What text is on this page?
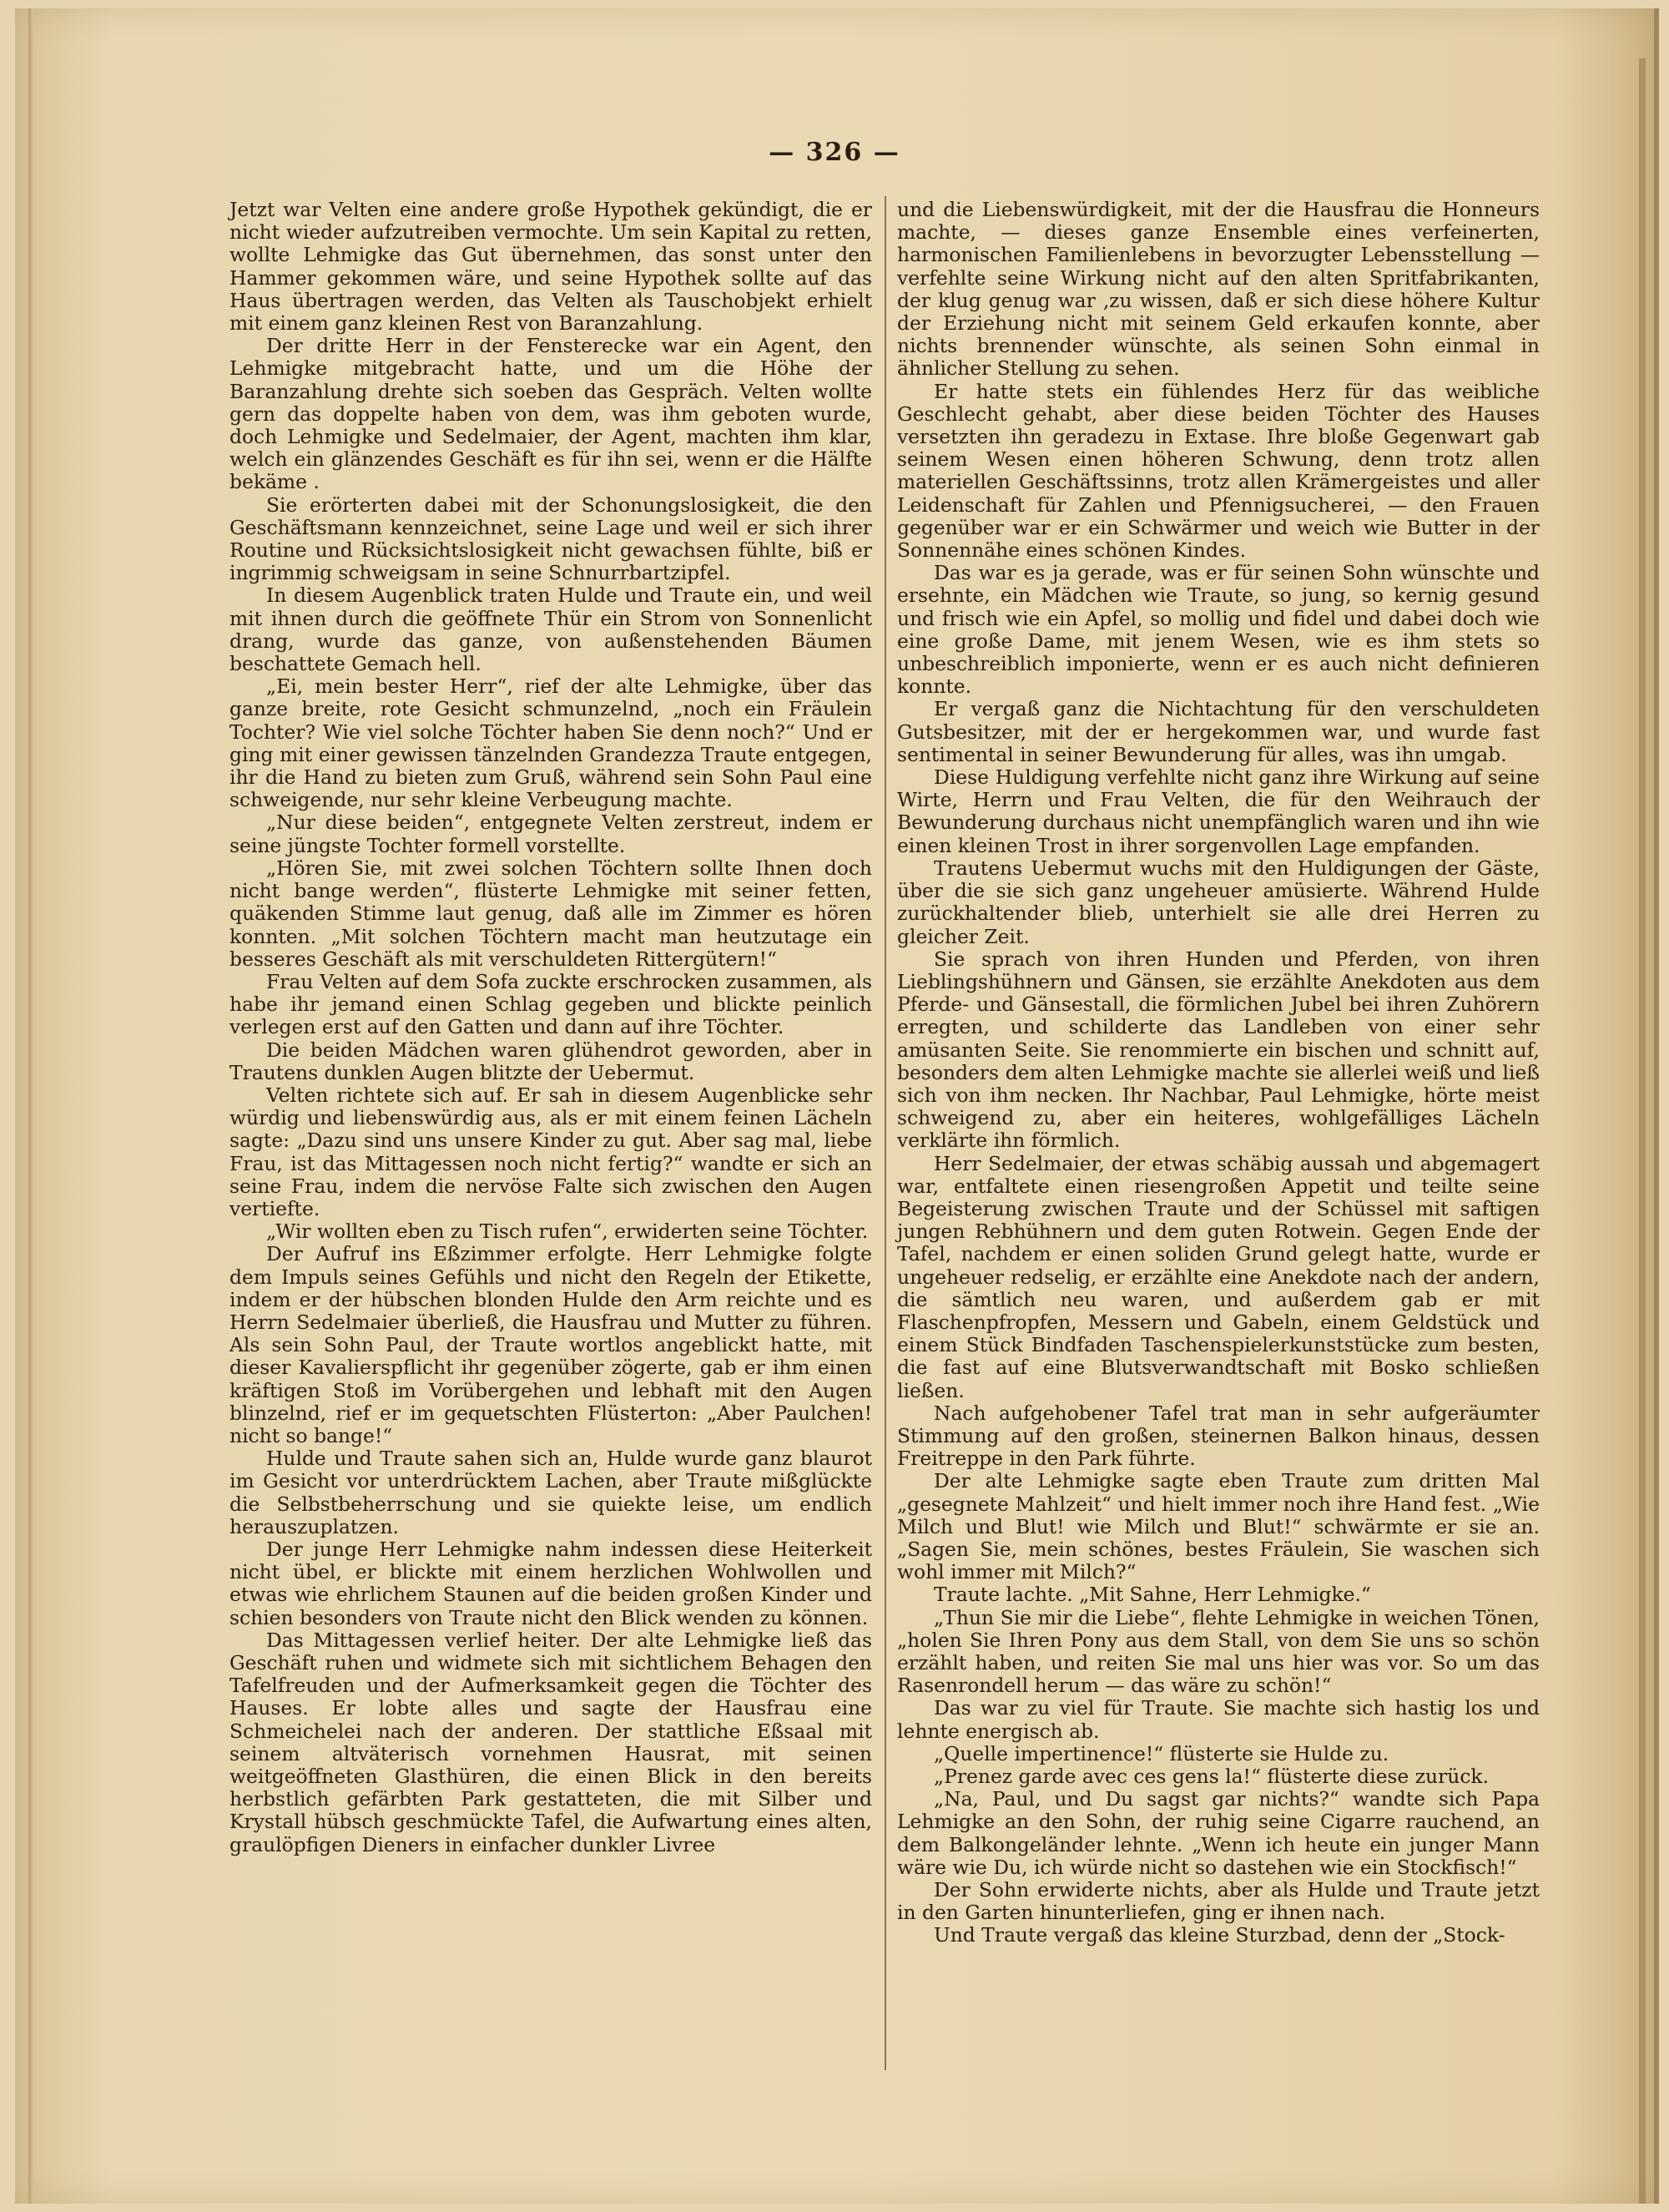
— 326 —

Jetzt war Velten eine andere große Hypothek gekündigt, die er nicht wieder aufzutreiben vermochte. Um sein Kapital zu retten, wollte Lehmigke das Gut übernehmen, das sonst unter den Hammer gekommen wäre, und seine Hypothek sollte auf das Haus übertragen werden, das Velten als Tauschobjekt erhielt mit einem ganz kleinen Rest von Baranzahlung.

Der dritte Herr in der Fensterecke war ein Agent, den Lehmigke mitgebracht hatte, und um die Höhe der Baranzahlung drehte sich soeben das Gespräch. Velten wollte gern das doppelte haben von dem, was ihm geboten wurde, doch Lehmigke und Sedelmaier, der Agent, machten ihm klar, welch ein glänzendes Geschäft es für ihn sei, wenn er die Hälfte bekäme .

Sie erörterten dabei mit der Schonungslosigkeit, die den Geschäftsmann kennzeichnet, seine Lage und weil er sich ihrer Routine und Rücksichtslosigkeit nicht gewachsen fühlte, biß er ingrimmig schweigsam in seine Schnurrbartzipfel.

In diesem Augenblick traten Hulde und Traute ein, und weil mit ihnen durch die geöffnete Thür ein Strom von Sonnenlicht drang, wurde das ganze, von außenstehenden Bäumen beschattete Gemach hell.

„Ei, mein bester Herr“, rief der alte Lehmigke, über das ganze breite, rote Gesicht schmunzelnd, „noch ein Fräulein Tochter? Wie viel solche Töchter haben Sie denn noch?“ Und er ging mit einer gewissen tänzelnden Grandezza Traute entgegen, ihr die Hand zu bieten zum Gruß, während sein Sohn Paul eine schweigende, nur sehr kleine Verbeugung machte.

„Nur diese beiden“, entgegnete Velten zerstreut, indem er seine jüngste Tochter formell vorstellte.

„Hören Sie, mit zwei solchen Töchtern sollte Ihnen doch nicht bange werden“, flüsterte Lehmigke mit seiner fetten, quäkenden Stimme laut genug, daß alle im Zimmer es hören konnten. „Mit solchen Töchtern macht man heutzutage ein besseres Geschäft als mit verschuldeten Rittergütern!“

Frau Velten auf dem Sofa zuckte erschrocken zusammen, als habe ihr jemand einen Schlag gegeben und blickte peinlich verlegen erst auf den Gatten und dann auf ihre Töchter.

Die beiden Mädchen waren glühendrot geworden, aber in Trautens dunklen Augen blitzte der Uebermut.

Velten richtete sich auf. Er sah in diesem Augenblicke sehr würdig und liebenswürdig aus, als er mit einem feinen Lächeln sagte: „Dazu sind uns unsere Kinder zu gut. Aber sag mal, liebe Frau, ist das Mittagessen noch nicht fertig?“ wandte er sich an seine Frau, indem die nervöse Falte sich zwischen den Augen vertiefte.

„Wir wollten eben zu Tisch rufen“, erwiderten seine Töchter.

Der Aufruf ins Eßzimmer erfolgte. Herr Lehmigke folgte dem Impuls seines Gefühls und nicht den Regeln der Etikette, indem er der hübschen blonden Hulde den Arm reichte und es Herrn Sedelmaier überließ, die Hausfrau und Mutter zu führen. Als sein Sohn Paul, der Traute wortlos angeblickt hatte, mit dieser Kavalierspflicht ihr gegenüber zögerte, gab er ihm einen kräftigen Stoß im Vorübergehen und lebhaft mit den Augen blinzelnd, rief er im gequetschten Flüsterton: „Aber Paulchen! nicht so bange!“

Hulde und Traute sahen sich an, Hulde wurde ganz blaurot im Gesicht vor unterdrücktem Lachen, aber Traute mißglückte die Selbstbeherrschung und sie quiekte leise, um endlich herauszuplatzen.

Der junge Herr Lehmigke nahm indessen diese Heiterkeit nicht übel, er blickte mit einem herzlichen Wohlwollen und etwas wie ehrlichem Staunen auf die beiden großen Kinder und schien besonders von Traute nicht den Blick wenden zu können.

Das Mittagessen verlief heiter. Der alte Lehmigke ließ das Geschäft ruhen und widmete sich mit sichtlichem Behagen den Tafelfreuden und der Aufmerksamkeit gegen die Töchter des Hauses. Er lobte alles und sagte der Hausfrau eine Schmeichelei nach der anderen. Der stattliche Eßsaal mit seinem altväterisch vornehmen Hausrat, mit seinen weitgeöffneten Glasthüren, die einen Blick in den bereits herbstlich gefärbten Park gestatteten, die mit Silber und Krystall hübsch geschmückte Tafel, die Aufwartung eines alten, graulöpfigen Dieners in einfacher dunkler Livree

und die Liebenswürdigkeit, mit der die Hausfrau die Honneurs machte, — dieses ganze Ensemble eines verfeinerten, harmonischen Familienlebens in bevorzugter Lebensstellung — verfehlte seine Wirkung nicht auf den alten Spritfabrikanten, der klug genug war ‚zu wissen, daß er sich diese höhere Kultur der Erziehung nicht mit seinem Geld erkaufen konnte, aber nichts brennender wünschte, als seinen Sohn einmal in ähnlicher Stellung zu sehen.

Er hatte stets ein fühlendes Herz für das weibliche Geschlecht gehabt, aber diese beiden Töchter des Hauses versetzten ihn geradezu in Extase. Ihre bloße Gegenwart gab seinem Wesen einen höheren Schwung, denn trotz allen materiellen Geschäftssinns, trotz allen Krämergeistes und aller Leidenschaft für Zahlen und Pfennigsucherei, — den Frauen gegenüber war er ein Schwärmer und weich wie Butter in der Sonnennähe eines schönen Kindes.

Das war es ja gerade, was er für seinen Sohn wünschte und ersehnte, ein Mädchen wie Traute, so jung, so kernig gesund und frisch wie ein Apfel, so mollig und fidel und dabei doch wie eine große Dame, mit jenem Wesen, wie es ihm stets so unbeschreiblich imponierte, wenn er es auch nicht definieren konnte.

Er vergaß ganz die Nichtachtung für den verschuldeten Gutsbesitzer, mit der er hergekommen war, und wurde fast sentimental in seiner Bewunderung für alles, was ihn umgab.

Diese Huldigung verfehlte nicht ganz ihre Wirkung auf seine Wirte, Herrn und Frau Velten, die für den Weihrauch der Bewunderung durchaus nicht unempfänglich waren und ihn wie einen kleinen Trost in ihrer sorgenvollen Lage empfanden.

Trautens Uebermut wuchs mit den Huldigungen der Gäste, über die sie sich ganz ungeheuer amüsierte. Während Hulde zurückhaltender blieb, unterhielt sie alle drei Herren zu gleicher Zeit.

Sie sprach von ihren Hunden und Pferden, von ihren Lieblingshühnern und Gänsen, sie erzählte Anekdoten aus dem Pferde- und Gänsestall, die förmlichen Jubel bei ihren Zuhörern erregten, und schilderte das Landleben von einer sehr amüsanten Seite. Sie renommierte ein bischen und schnitt auf, besonders dem alten Lehmigke machte sie allerlei weiß und ließ sich von ihm necken. Ihr Nachbar, Paul Lehmigke, hörte meist schweigend zu, aber ein heiteres, wohlgefälliges Lächeln verklärte ihn förmlich.

Herr Sedelmaier, der etwas schäbig aussah und abgemagert war, entfaltete einen riesengroßen Appetit und teilte seine Begeisterung zwischen Traute und der Schüssel mit saftigen jungen Rebhühnern und dem guten Rotwein. Gegen Ende der Tafel, nachdem er einen soliden Grund gelegt hatte, wurde er ungeheuer redselig, er erzählte eine Anekdote nach der andern, die sämtlich neu waren, und außerdem gab er mit Flaschenpfropfen, Messern und Gabeln, einem Geldstück und einem Stück Bindfaden Taschenspielerkunststücke zum besten, die fast auf eine Blutsverwandtschaft mit Bosko schließen ließen.

Nach aufgehobener Tafel trat man in sehr aufgeräumter Stimmung auf den großen, steinernen Balkon hinaus, dessen Freitreppe in den Park führte.

Der alte Lehmigke sagte eben Traute zum dritten Mal „gesegnete Mahlzeit“ und hielt immer noch ihre Hand fest. „Wie Milch und Blut! wie Milch und Blut!“ schwärmte er sie an. „Sagen Sie, mein schönes, bestes Fräulein, Sie waschen sich wohl immer mit Milch?“

Traute lachte. „Mit Sahne, Herr Lehmigke.“

„Thun Sie mir die Liebe“, flehte Lehmigke in weichen Tönen, „holen Sie Ihren Pony aus dem Stall, von dem Sie uns so schön erzählt haben, und reiten Sie mal uns hier was vor. So um das Rasenrondell herum — das wäre zu schön!“

Das war zu viel für Traute. Sie machte sich hastig los und lehnte energisch ab.

„Quelle impertinence!“ flüsterte sie Hulde zu.

„Prenez garde avec ces gens la!“ flüsterte diese zurück.

„Na, Paul, und Du sagst gar nichts?“ wandte sich Papa Lehmigke an den Sohn, der ruhig seine Cigarre rauchend, an dem Balkongeländer lehnte. „Wenn ich heute ein junger Mann wäre wie Du, ich würde nicht so dastehen wie ein Stockfisch!“

Der Sohn erwiderte nichts, aber als Hulde und Traute jetzt in den Garten hinunterliefen, ging er ihnen nach.

Und Traute vergaß das kleine Sturzbad, denn der „Stock-
